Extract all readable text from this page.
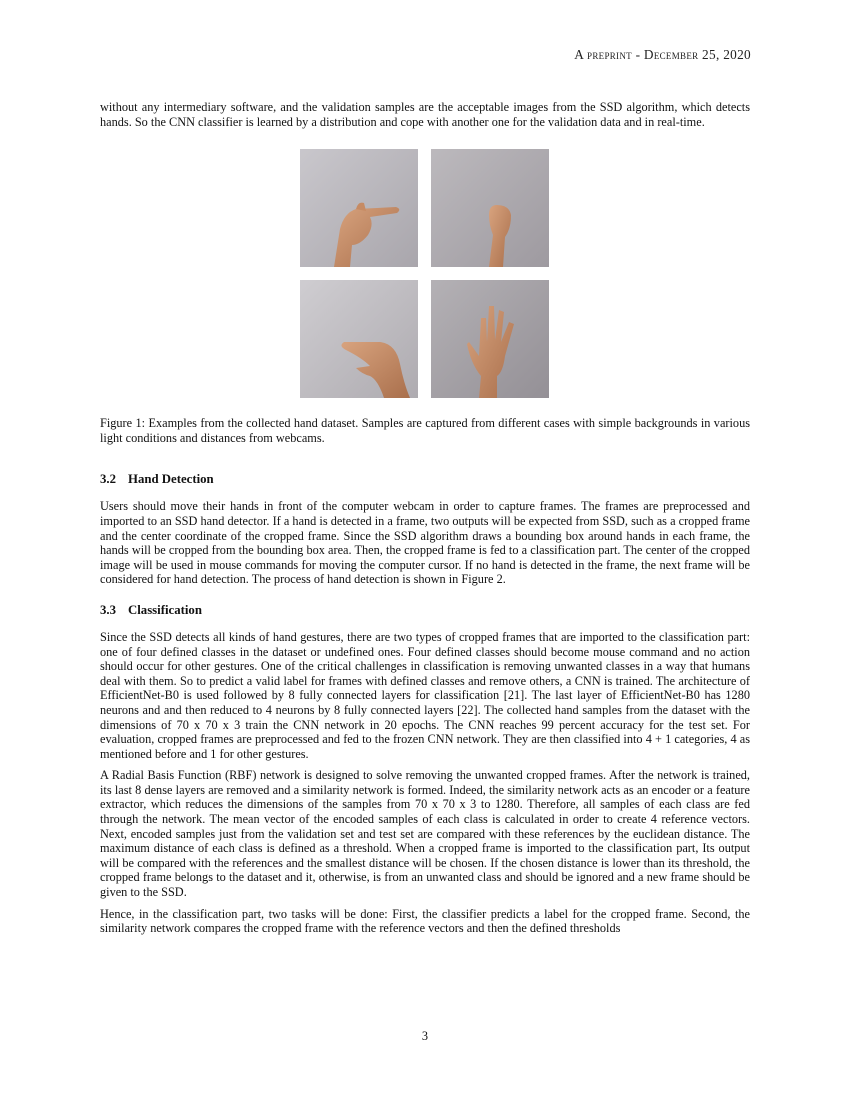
A preprint - December 25, 2020

without any intermediary software, and the validation samples are the acceptable images from the SSD algorithm, which detects hands. So the CNN classifier is learned by a distribution and cope with another one for the validation data and in real-time.

Figure 1: Examples from the collected hand dataset. Samples are captured from different cases with simple backgrounds in various light conditions and distances from webcams.

3.2 Hand Detection

Users should move their hands in front of the computer webcam in order to capture frames. The frames are preprocessed and imported to an SSD hand detector. If a hand is detected in a frame, two outputs will be expected from SSD, such as a cropped frame and the center coordinate of the cropped frame. Since the SSD algorithm draws a bounding box around hands in each frame, the hands will be cropped from the bounding box area. Then, the cropped frame is fed to a classification part. The center of the cropped image will be used in mouse commands for moving the computer cursor. If no hand is detected in the frame, the next frame will be considered for hand detection. The process of hand detection is shown in Figure 2.

3.3 Classification

Since the SSD detects all kinds of hand gestures, there are two types of cropped frames that are imported to the classification part: one of four defined classes in the dataset or undefined ones. Four defined classes should become mouse command and no action should occur for other gestures. One of the critical challenges in classification is removing unwanted classes in a way that humans deal with them. So to predict a valid label for frames with defined classes and remove others, a CNN is trained. The architecture of EfficientNet-B0 is used followed by 8 fully connected layers for classification [21]. The last layer of EfficientNet-B0 has 1280 neurons and and then reduced to 4 neurons by 8 fully connected layers [22]. The collected hand samples from the dataset with the dimensions of 70 x 70 x 3 train the CNN network in 20 epochs. The CNN reaches 99 percent accuracy for the test set. For evaluation, cropped frames are preprocessed and fed to the frozen CNN network. They are then classified into 4 + 1 categories, 4 as mentioned before and 1 for other gestures.

A Radial Basis Function (RBF) network is designed to solve removing the unwanted cropped frames. After the network is trained, its last 8 dense layers are removed and a similarity network is formed. Indeed, the similarity network acts as an encoder or a feature extractor, which reduces the dimensions of the samples from 70 x 70 x 3 to 1280. Therefore, all samples of each class are fed through the network. The mean vector of the encoded samples of each class is calculated in order to create 4 reference vectors. Next, encoded samples just from the validation set and test set are compared with these references by the euclidean distance. The maximum distance of each class is defined as a threshold. When a cropped frame is imported to the classification part, Its output will be compared with the references and the smallest distance will be chosen. If the chosen distance is lower than its threshold, the cropped frame belongs to the dataset and it, otherwise, is from an unwanted class and should be ignored and a new frame should be given to the SSD.

Hence, in the classification part, two tasks will be done: First, the classifier predicts a label for the cropped frame. Second, the similarity network compares the cropped frame with the reference vectors and then the defined thresholds

3
